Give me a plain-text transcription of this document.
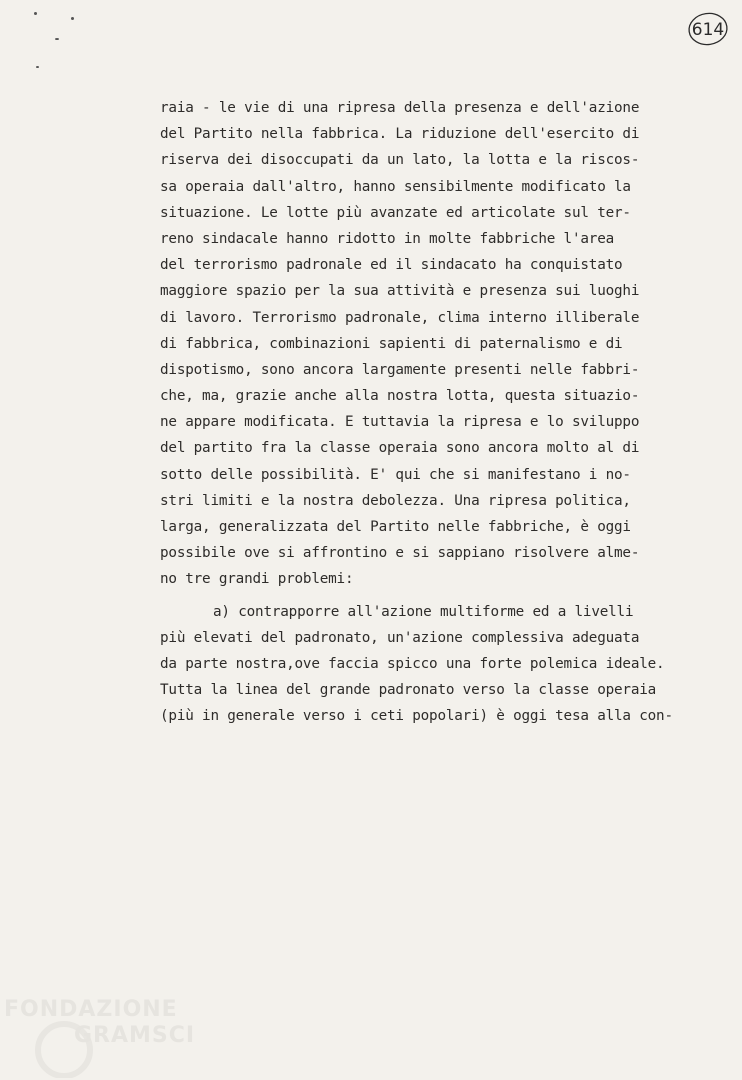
614
raia - le vie di una ripresa della presenza e dell'azione
del Partito nella fabbrica. La riduzione dell'esercito di
riserva dei disoccupati da un lato, la lotta e la riscos-
sa operaia dall'altro, hanno sensibilmente modificato la
situazione. Le lotte più avanzate ed articolate sul ter-
reno sindacale hanno ridotto in molte fabbriche l'area
del terrorismo padronale ed il sindacato ha conquistato
maggiore spazio per la sua attività e presenza sui luoghi
di lavoro. Terrorismo padronale, clima interno illiberale
di fabbrica, combinazioni sapienti di paternalismo e di
dispotismo, sono ancora largamente presenti nelle fabbri-
che, ma, grazie anche alla nostra lotta, questa situazio-
ne appare modificata. E tuttavia la ripresa e lo sviluppo
del partito fra la classe operaia sono ancora molto al di
sotto delle possibilità. E' qui che si manifestano i no-
stri limiti e la nostra debolezza. Una ripresa politica,
larga, generalizzata del Partito nelle fabbriche, è oggi
possibile ove si affrontino e si sappiano risolvere almе-
no tre grandi problemi:
a) contrapporre all'azione multiforme ed a livelli
più elevati del padronato, un'azione complessiva adeguata
da parte nostra,ove faccia spicco una forte polemica ideale.
Tutta la linea del grande padronato verso la classe operaia
(più in generale verso i ceti popolari) è oggi tesa alla con-
FONDAZIONE
GRAMSCI
